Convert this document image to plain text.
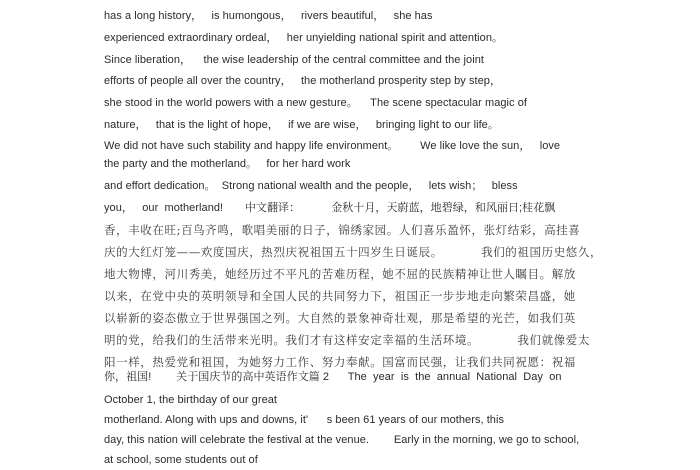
has a long history，   is humongous，   rivers beautiful，   she has
experienced extraordinary ordeal，   her unyielding national spirit and attention。
Since liberation，    the wise leadership of the central committee and the joint
efforts of people all over the country，   the motherland prosperity step by step，
she stood in the world powers with a new gesture。    The scene spectacular magic of
nature，   that is the light of hope，   if we are wise，   bringing light to our life。
We did not have such stability and happy life environment。       We like love the sun，   love
the party and the motherland。   for her hard work
and effort dedication。  Strong national wealth and the people，   lets wish；   bless
you，   our  motherland!       中文翻译：          金秋十月，天蔚蓝，地碧绿，和风丽日;桂花飘
香，丰收在旺;百鸟齐鸣，歌唱美丽的日子，锦绣家园。人们喜乐盈怀，张灯结彩，高挂喜
庆的大红灯笼——欢度国庆，热烈庆祝祖国五十四岁生日诞辰。         我们的祖国历史悠久，
地大物博，河川秀美，她经历过不平凡的苦难历程，她不屈的民族精神让世人瞩目。解放
以来，在党中央的英明领导和全国人民的共同努力下，祖国正一步步地走向繁荣昌盛，她
以崭新的姿态傲立于世界强国之列。大自然的景象神奇壮观，那是希望的光芒，如我们英
明的党，给我们的生活带来光明。我们才有这样安定幸福的生活环境。         我们就像爱太
阳一样，热爱党和祖国，为她努力工作、努力奉献。国富而民强，让我们共同祝愿：祝福
你，祖国!        关于国庆节的高中英语作文篇 2      The  year  is  the  annual  National  Day  on
October 1, the birthday of our great
motherland. Along with ups and downs, it'      s been 61 years of our mothers, this
day, this nation will celebrate the festival at the venue.        Early in the morning, we go to school,
at school, some students out of
